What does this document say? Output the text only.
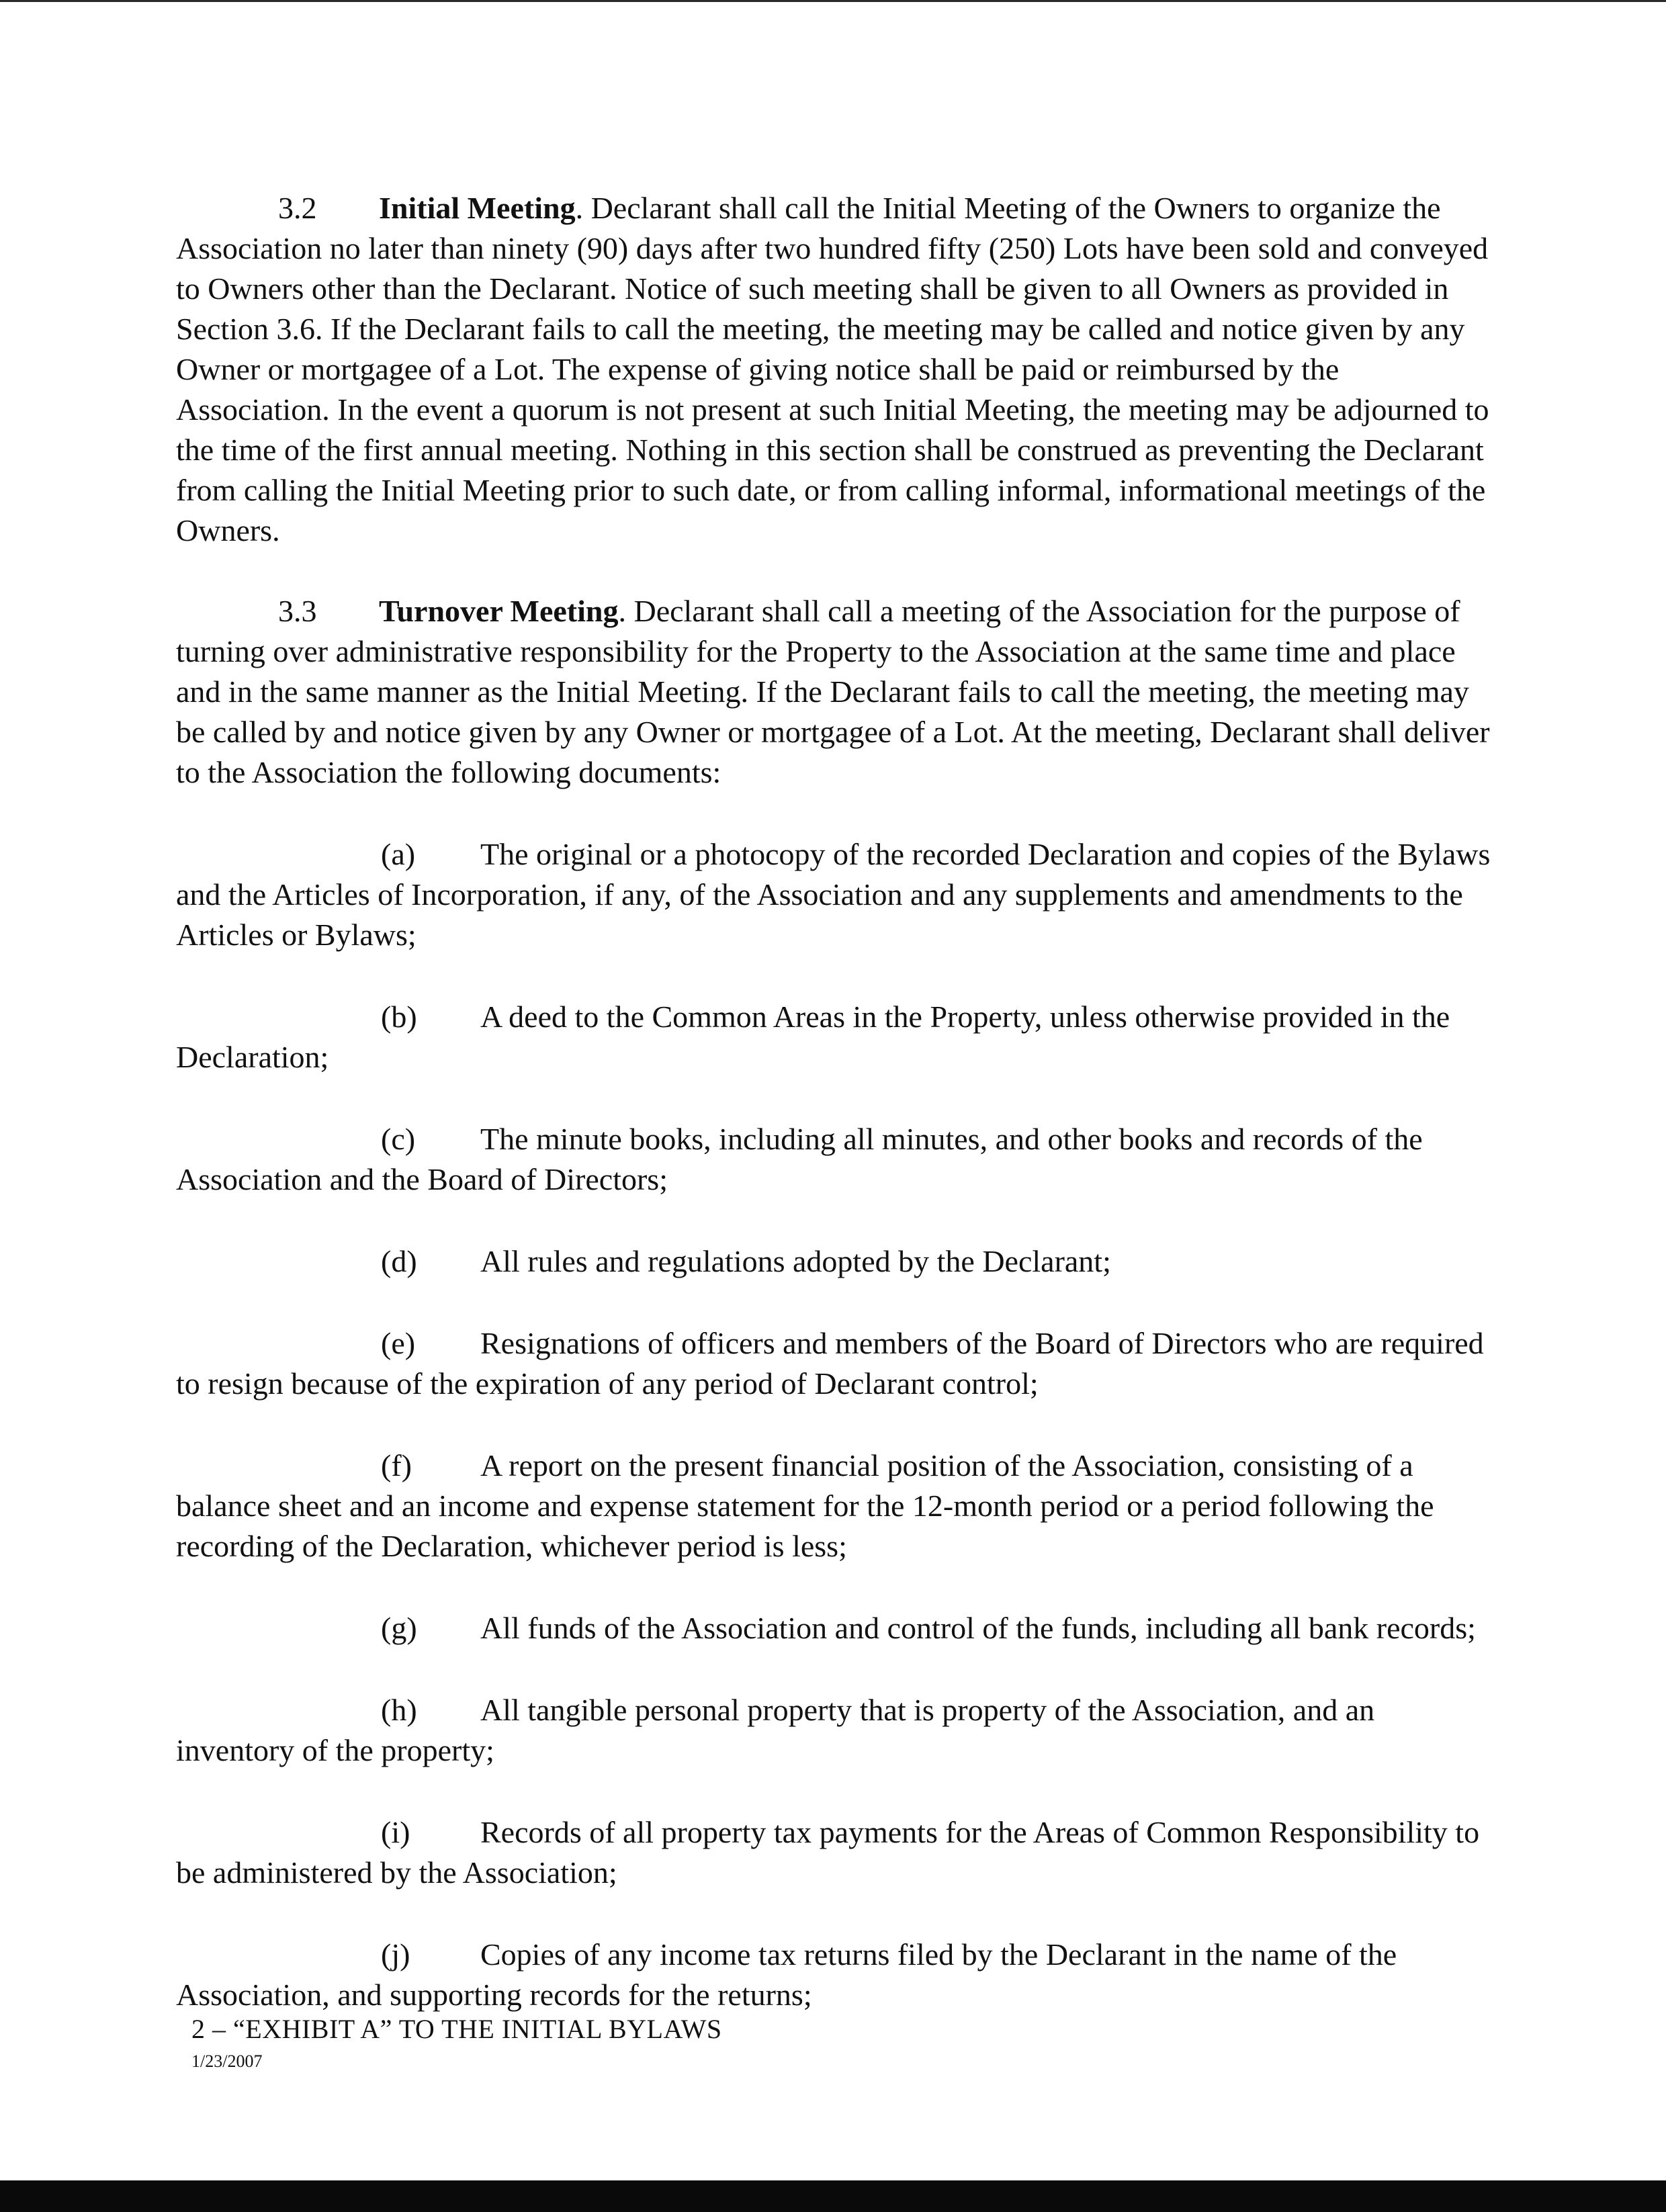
3.2 Initial Meeting. Declarant shall call the Initial Meeting of the Owners to organize the Association no later than ninety (90) days after two hundred fifty (250) Lots have been sold and conveyed to Owners other than the Declarant. Notice of such meeting shall be given to all Owners as provided in Section 3.6. If the Declarant fails to call the meeting, the meeting may be called and notice given by any Owner or mortgagee of a Lot. The expense of giving notice shall be paid or reimbursed by the Association. In the event a quorum is not present at such Initial Meeting, the meeting may be adjourned to the time of the first annual meeting. Nothing in this section shall be construed as preventing the Declarant from calling the Initial Meeting prior to such date, or from calling informal, informational meetings of the Owners.

3.3 Turnover Meeting. Declarant shall call a meeting of the Association for the purpose of turning over administrative responsibility for the Property to the Association at the same time and place and in the same manner as the Initial Meeting. If the Declarant fails to call the meeting, the meeting may be called by and notice given by any Owner or mortgagee of a Lot. At the meeting, Declarant shall deliver to the Association the following documents:

(a) The original or a photocopy of the recorded Declaration and copies of the Bylaws and the Articles of Incorporation, if any, of the Association and any supplements and amendments to the Articles or Bylaws;

(b) A deed to the Common Areas in the Property, unless otherwise provided in the Declaration;

(c) The minute books, including all minutes, and other books and records of the Association and the Board of Directors;

(d) All rules and regulations adopted by the Declarant;

(e) Resignations of officers and members of the Board of Directors who are required to resign because of the expiration of any period of Declarant control;

(f) A report on the present financial position of the Association, consisting of a balance sheet and an income and expense statement for the 12-month period or a period following the recording of the Declaration, whichever period is less;

(g) All funds of the Association and control of the funds, including all bank records;

(h) All tangible personal property that is property of the Association, and an inventory of the property;

(i) Records of all property tax payments for the Areas of Common Responsibility to be administered by the Association;

(j) Copies of any income tax returns filed by the Declarant in the name of the Association, and supporting records for the returns;

2 – “EXHIBIT A” TO THE INITIAL BYLAWS

1/23/2007
